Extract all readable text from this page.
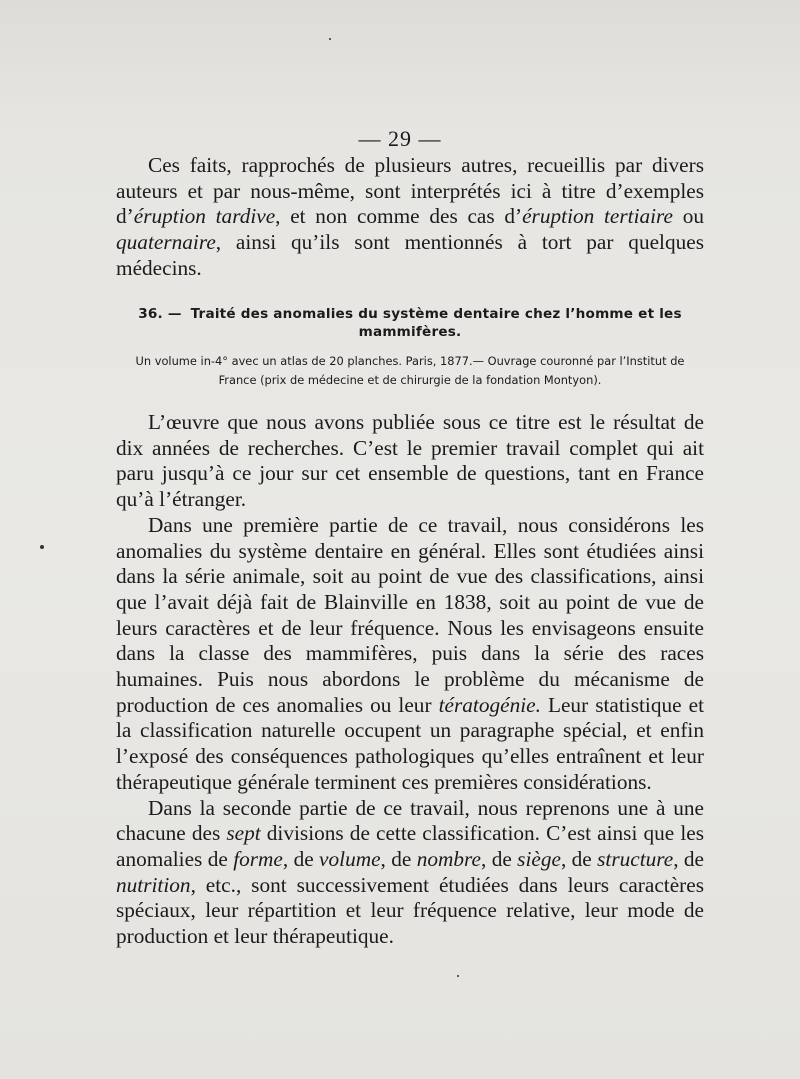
— 29 —

Ces faits, rapprochés de plusieurs autres, recueillis par divers auteurs et par nous-même, sont interprétés ici à titre d’exemples d’éruption tardive, et non comme des cas d’éruption tertiaire ou quaternaire, ainsi qu’ils sont mentionnés à tort par quelques médecins.

36. — Traité des anomalies du système dentaire chez l’homme et les mammifères.
Un volume in-4° avec un atlas de 20 planches. Paris, 1877.— Ouvrage couronné par l’Institut de France (prix de médecine et de chirurgie de la fondation Montyon).

L’œuvre que nous avons publiée sous ce titre est le résultat de dix années de recherches. C’est le premier travail complet qui ait paru jusqu’à ce jour sur cet ensemble de questions, tant en France qu’à l’étranger.

Dans une première partie de ce travail, nous considérons les anomalies du système dentaire en général. Elles sont étudiées ainsi dans la série animale, soit au point de vue des classifications, ainsi que l’avait déjà fait de Blainville en 1838, soit au point de vue de leurs caractères et de leur fréquence. Nous les envisageons ensuite dans la classe des mammifères, puis dans la série des races humaines. Puis nous abordons le problème du mécanisme de production de ces anomalies ou leur tératogénie. Leur statistique et la classification naturelle occupent un paragraphe spécial, et enfin l’exposé des conséquences pathologiques qu’elles entraînent et leur thérapeutique générale terminent ces premières considérations.

Dans la seconde partie de ce travail, nous reprenons une à une chacune des sept divisions de cette classification. C’est ainsi que les anomalies de forme, de volume, de nombre, de siège, de structure, de nutrition, etc., sont successivement étudiées dans leurs caractères spéciaux, leur répartition et leur fréquence relative, leur mode de production et leur thérapeutique.
